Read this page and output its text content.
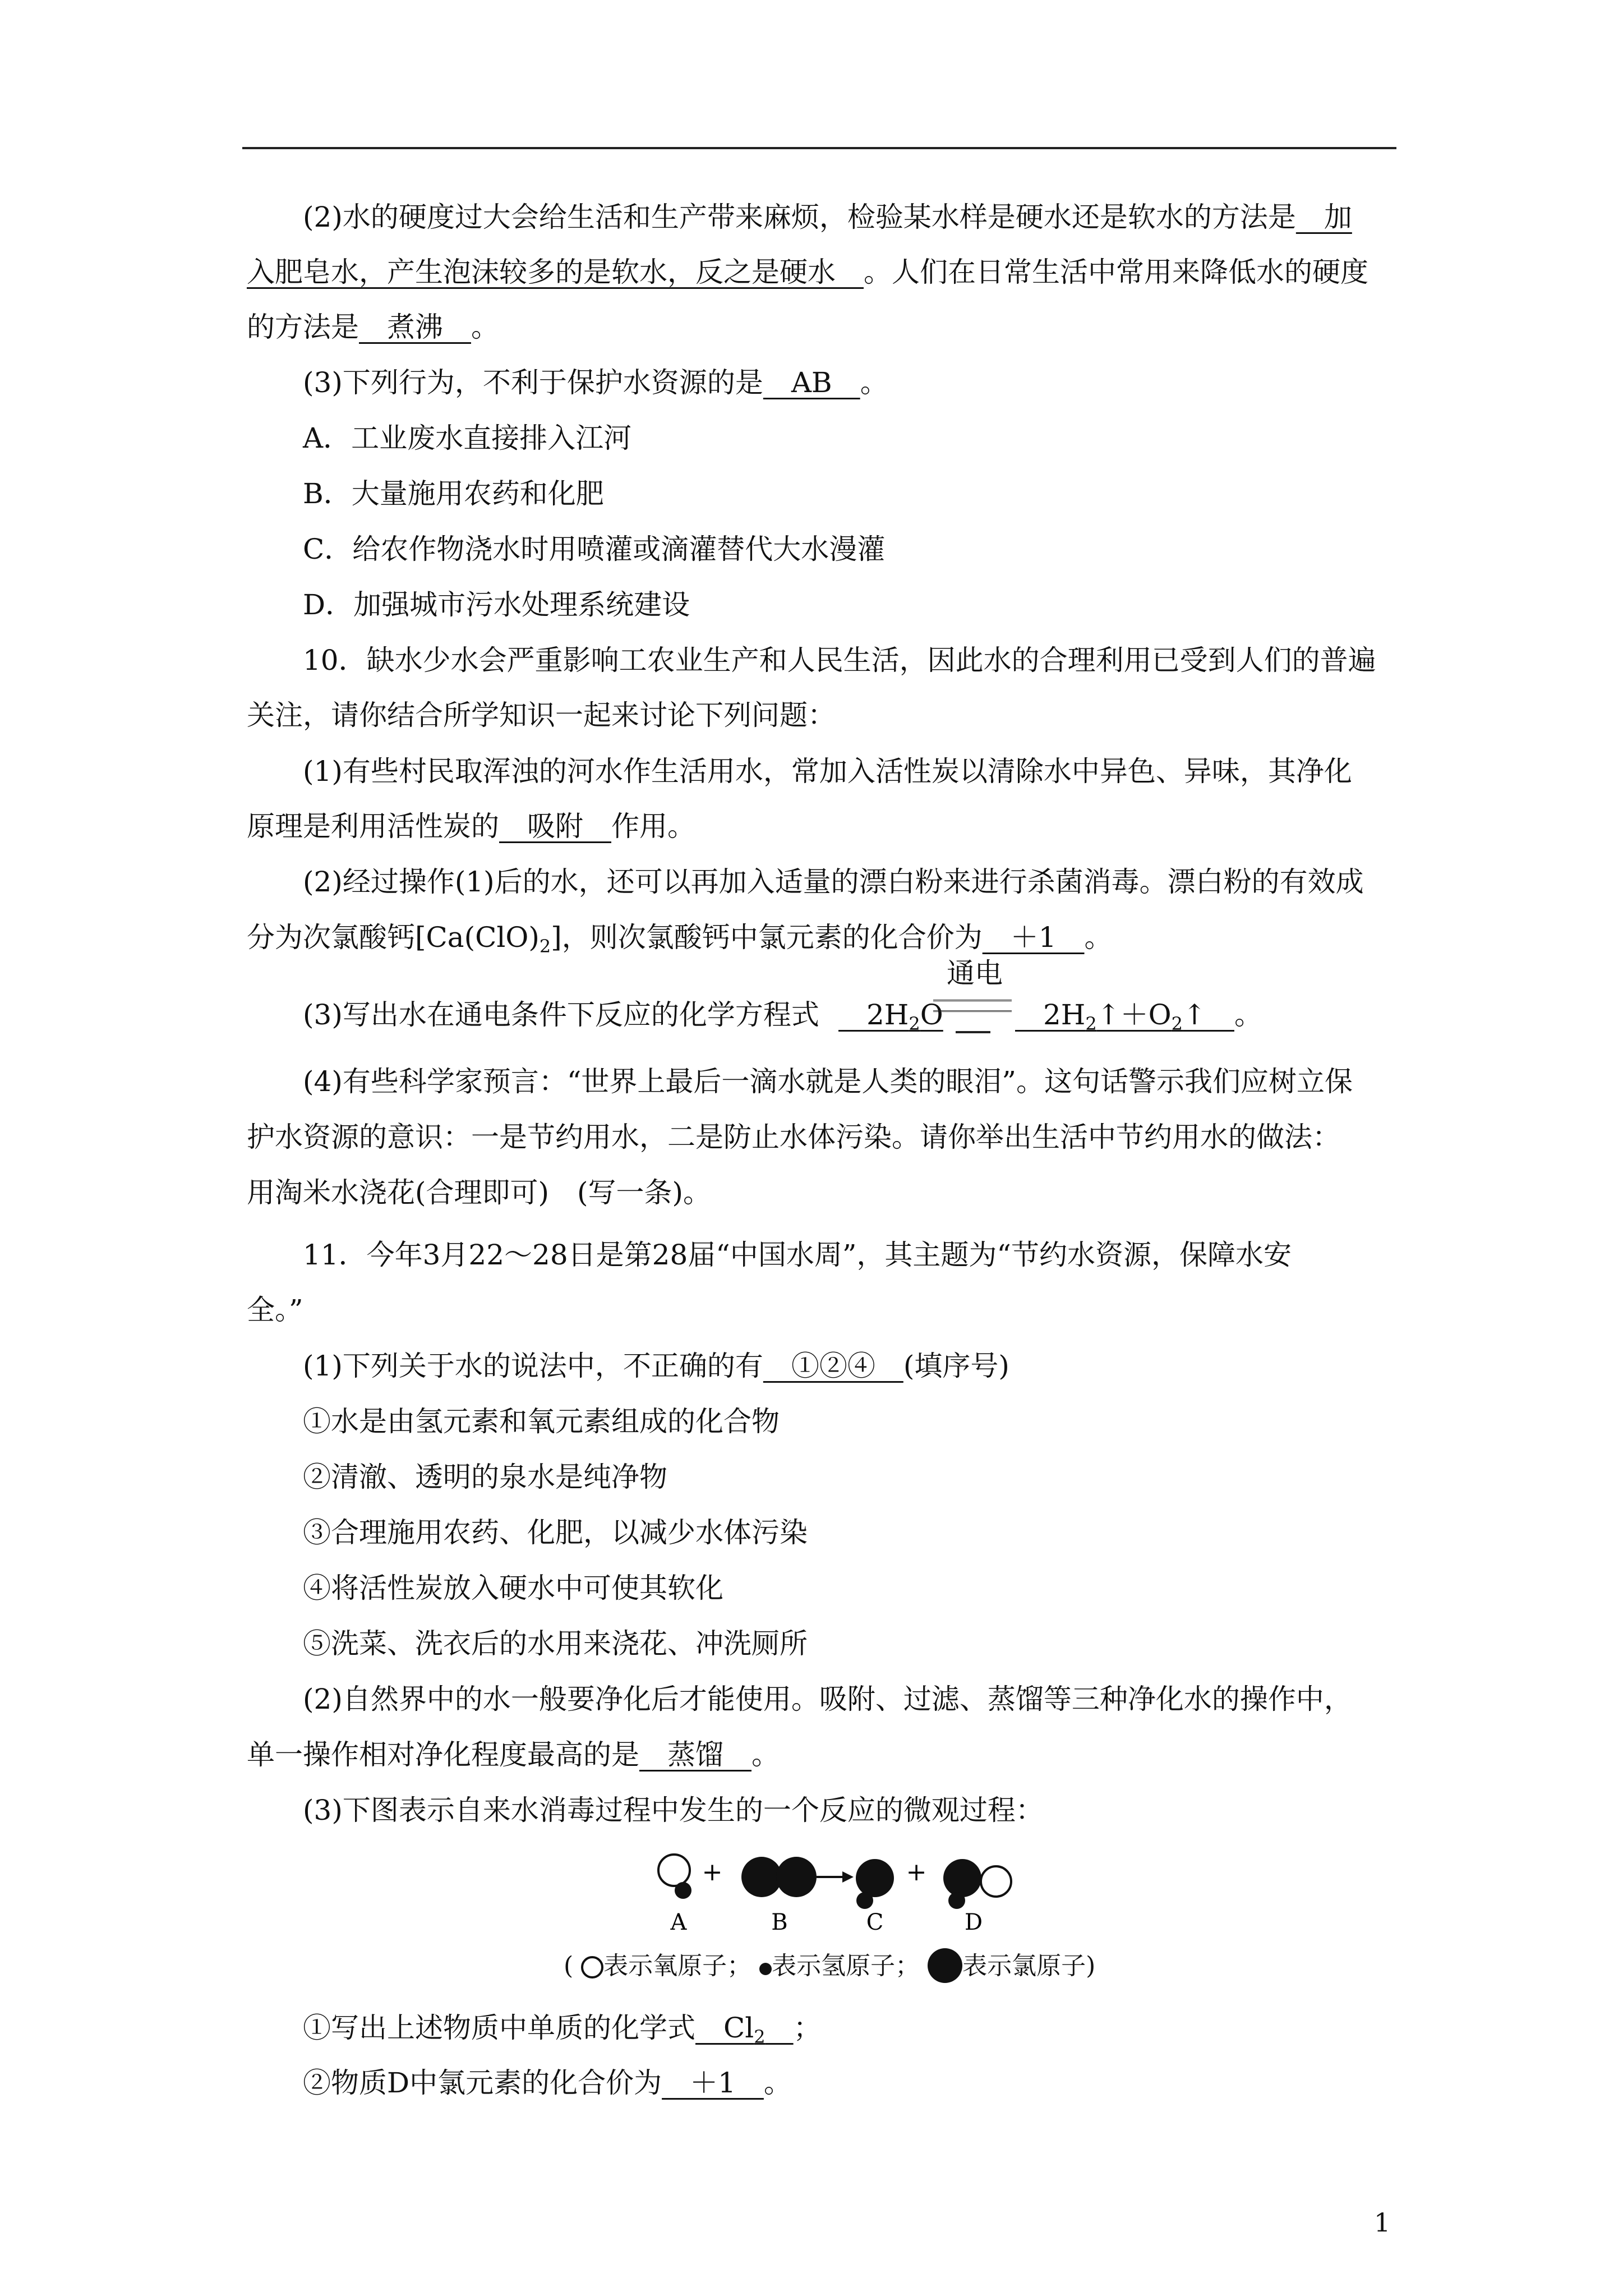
(2)水的硬度过大会给生活和生产带来麻烦，检验某水样是硬水还是软水的方法是　加
入肥皂水，产生泡沫较多的是软水，反之是硬水　。人们在日常生活中常用来降低水的硬度
的方法是　煮沸　。
(3)下列行为，不利于保护水资源的是　AB　。
A．工业废水直接排入江河
B．大量施用农药和化肥
C．给农作物浇水时用喷灌或滴灌替代大水漫灌
D．加强城市污水处理系统建设
10．缺水少水会严重影响工农业生产和人民生活，因此水的合理利用已受到人们的普遍
关注，请你结合所学知识一起来讨论下列问题：
(1)有些村民取浑浊的河水作生活用水，常加入活性炭以清除水中异色、异味，其净化
原理是利用活性炭的　吸附　作用。
(2)经过操作(1)后的水，还可以再加入适量的漂白粉来进行杀菌消毒。漂白粉的有效成
分为次氯酸钙$[Ca(ClO)_2]$，则次氯酸钙中氯元素的化合价为　＋1　。
(3)写出水在通电条件下反应的化学方程式 　$2H_2O$
通电
　$2H_2↑+O_2↑$　。
(4)有些科学家预言：“世界上最后一滴水就是人类的眼泪”。这句话警示我们应树立保
护水资源的意识：一是节约用水，二是防止水体污染。请你举出生活中节约用水的做法：
用淘米水浇花(合理即可)　(写一条)。
11．今年3月22～28日是第28届“中国水周”，其主题为“节约水资源，保障水安
全。”
(1)下列关于水的说法中，不正确的有　①②④　(填序号)
①水是由氢元素和氧元素组成的化合物
②清澈、透明的泉水是纯净物
③合理施用农药、化肥，以减少水体污染
④将活性炭放入硬水中可使其软化
⑤洗菜、洗衣后的水用来浇花、冲洗厕所
(2)自然界中的水一般要净化后才能使用。吸附、过滤、蒸馏等三种净化水的操作中，
单一操作相对净化程度最高的是　蒸馏　。
(3)下图表示自来水消毒过程中发生的一个反应的微观过程：
+	+
A	B	C	D
( 表示氧原子； 表示氢原子； 表示氯原子)
①写出上述物质中单质的化学式　$Cl_2$　 ；
②物质D中氯元素的化合价为　＋1　。
1
